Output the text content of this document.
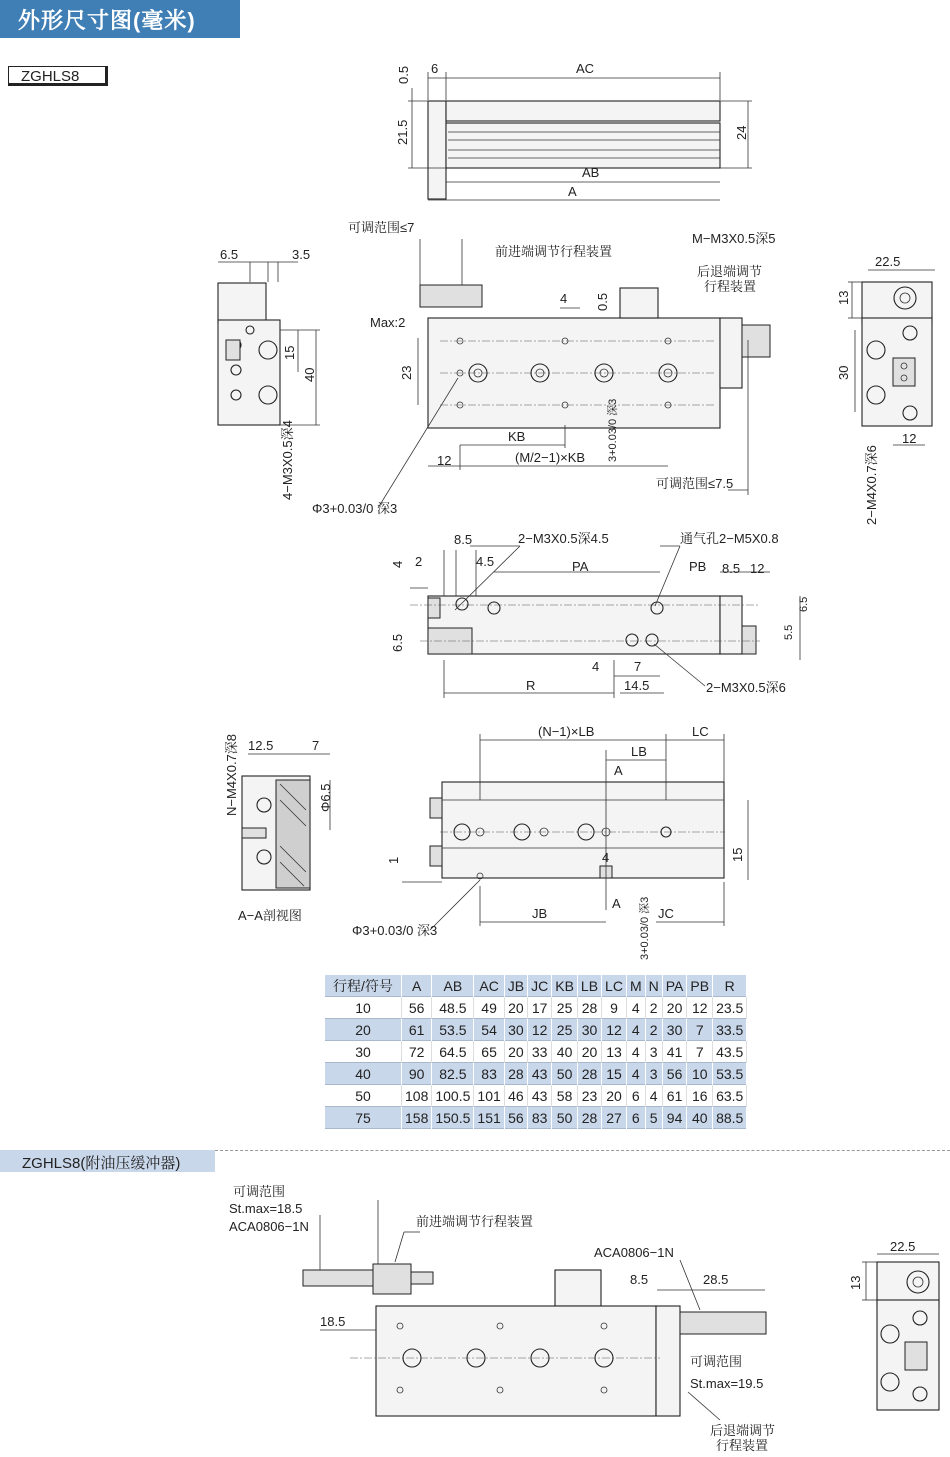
外形尺寸图(毫米)
ZGHLS8	0.5 6	AC
21.5	24
AB
A
6.5	3.5
15
40
4−M3X0.5深4
可调范围≤7
前进端调节行程装置
M−M3X0.5深5
后退端调节
行程装置
Max:2
4 0.5
23
KB
12	(M/2−1)×KB 3+0.03/0 深3
可调范围≤7.5
Φ3+0.03/0 深3
22.5
13
30
12
2−M4X0.7深6
8.5
2	4.5
2−M3X0.5深4.5	通气孔2−M5X0.8
PA	PB 8.5 12
4
6.5
6.5
5.5
4	7
14.5
R	2−M3X0.5深6
N−M4X0.7深8 12.5	7
Φ6.5
A−A剖视图
(N−1)×LB	LC
LB
A
1	4	15
Φ3+0.03/0 深3
JB
A 3+0.03/0 深3 JC
可调范围
St.max=18.5
ACA0806−1N	前进端调节行程装置
ACA0806−1N
8.5	28.5
18.5
可调范围
St.max=19.5
后退端调节
行程装置
22.5
13
行程/符号	A	AB	AC	JB	JC	KB	LB	LC	M	N	PA	PB	R
10	56	48.5	49	20	17	25	28	9	4	2	20	12	23.5
20	61	53.5	54	30	12	25	30	12	4	2	30	7	33.5
30	72	64.5	65	20	33	40	20	13	4	3	41	7	43.5
40	90	82.5	83	28	43	50	28	15	4	3	56	10	53.5
50	108	100.5	101	46	43	58	23	20	6	4	61	16	63.5
75	158	150.5	151	56	83	50	28	27	6	5	94	40	88.5
ZGHLS8(附油压缓冲器)
